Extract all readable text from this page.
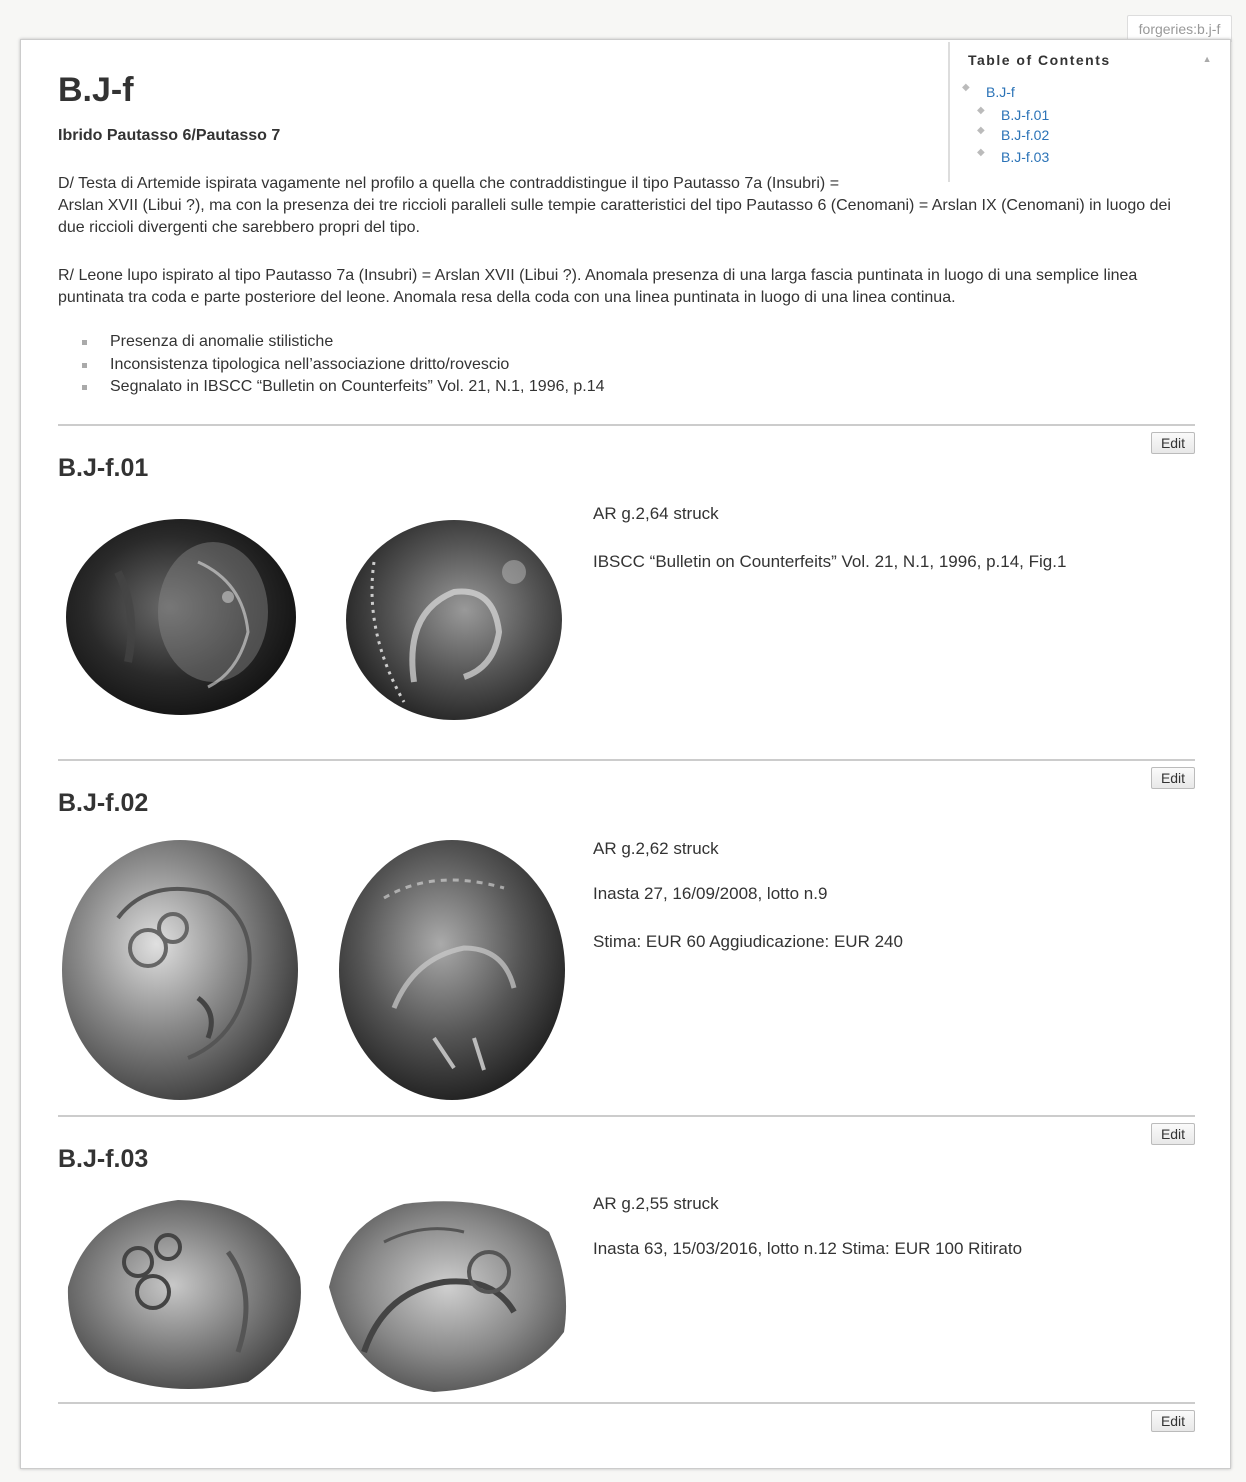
forgeries:b.j-f
Table of Contents	▲
◆ B.J-f
◆ B.J-f.01
◆ B.J-f.02
◆ B.J-f.03
B.J-f
Ibrido Pautasso 6/Pautasso 7
D/ Testa di Artemide ispirata vagamente nel profilo a quella che contraddistingue il tipo Pautasso 7a (Insubri) =
Arslan XVII (Libui ?), ma con la presenza dei tre riccioli paralleli sulle tempie caratteristici del tipo Pautasso 6 (Cenomani) = Arslan IX (Cenomani) in luogo dei due riccioli divergenti che sarebbero propri del tipo.
R/ Leone lupo ispirato al tipo Pautasso 7a (Insubri) = Arslan XVII (Libui ?). Anomala presenza di una larga fascia puntinata in luogo di una semplice linea puntinata tra coda e parte posteriore del leone. Anomala resa della coda con una linea puntinata in luogo di una linea continua.
Presenza di anomalie stilistiche
Inconsistenza tipologica nell’associazione dritto/rovescio
Segnalato in IBSCC “Bulletin on Counterfeits” Vol. 21, N.1, 1996, p.14
Edit
B.J-f.01
AR g.2,64 struck
IBSCC “Bulletin on Counterfeits” Vol. 21, N.1, 1996, p.14, Fig.1
Edit
B.J-f.02
AR g.2,62 struck
Inasta 27, 16/09/2008, lotto n.9
Stima: EUR 60 Aggiudicazione: EUR 240
Edit
B.J-f.03
AR g.2,55 struck
Inasta 63, 15/03/2016, lotto n.12 Stima: EUR 100 Ritirato
Edit
